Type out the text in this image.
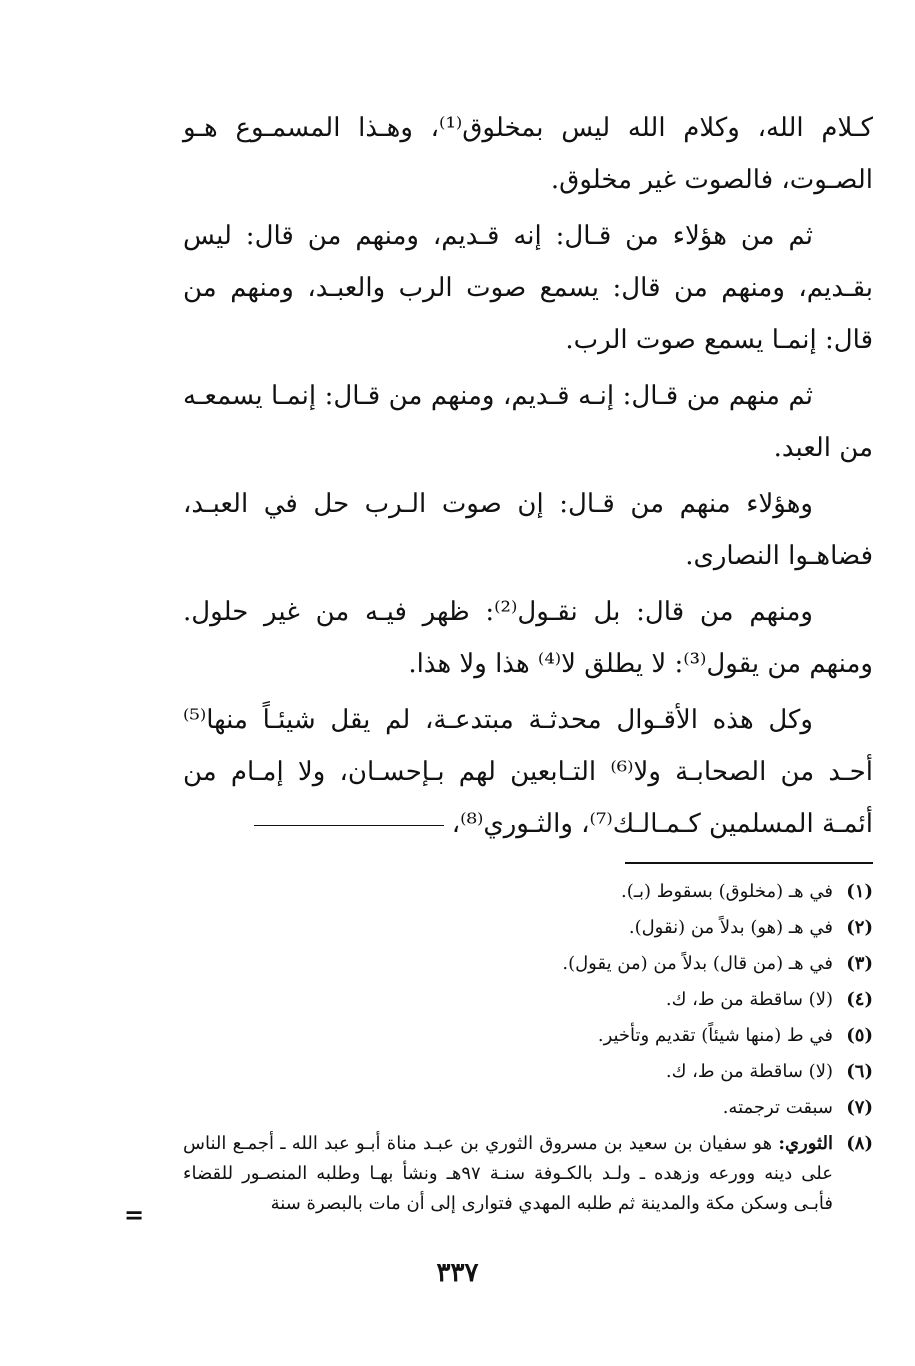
كـلام الله، وكلام الله ليس بمخلوق⁽¹⁾، وهـذا المسمـوع هـو الصـوت، فالصوت غير مخلوق.

ثم من هؤلاء من قـال: إنه قـديم، ومنهم من قال: ليس بقـديم، ومنهم من قال: يسمع صوت الرب والعبـد، ومنهم من قال: إنمـا يسمع صوت الرب.

ثم منهم من قـال: إنـه قـديم، ومنهم من قـال: إنمـا يسمعـه من العبد.

وهؤلاء منهم من قـال: إن صوت الـرب حل في العبـد، فضاهـوا النصارى.

ومنهم من قال: بل نقـول⁽²⁾: ظهر فيـه من غير حلول. ومنهم من يقول⁽³⁾: لا يطلق لا⁽⁴⁾ هذا ولا هذا.

وكل هذه الأقـوال محدثـة مبتدعـة، لم يقل شيئـاً منها⁽⁵⁾ أحـد من الصحابـة ولا⁽⁶⁾ التـابعين لهم بـإحسـان، ولا إمـام من أئمـة المسلمين كـمـالـك⁽⁷⁾، والثـوري⁽⁸⁾،

(١)
في هـ (مخلوق) بسقوط (بـ).
(٢)
في هـ (هو) بدلاً من (نقول).
(٣)
في هـ (من قال) بدلاً من (من يقول).
(٤)
(لا) ساقطة من ط، ك.
(٥)
في ط (منها شيئاً) تقديم وتأخير.
(٦)
(لا) ساقطة من ط، ك.
(٧)
سبقت ترجمته.
(٨)
الثوري: هو سفيان بن سعيد بن مسروق الثوري بن عبـد مناة أبـو عبد الله ـ أجمـع الناس على دينه وورعه وزهده ـ ولـد بالكـوفة سنـة ٩٧هـ ونشأ بهـا وطلبه المنصـور للقضاء فأبـى وسكن مكة والمدينة ثم طلبه المهدي فتوارى إلى أن مات بالبصرة سنة
=
٣٣٧
